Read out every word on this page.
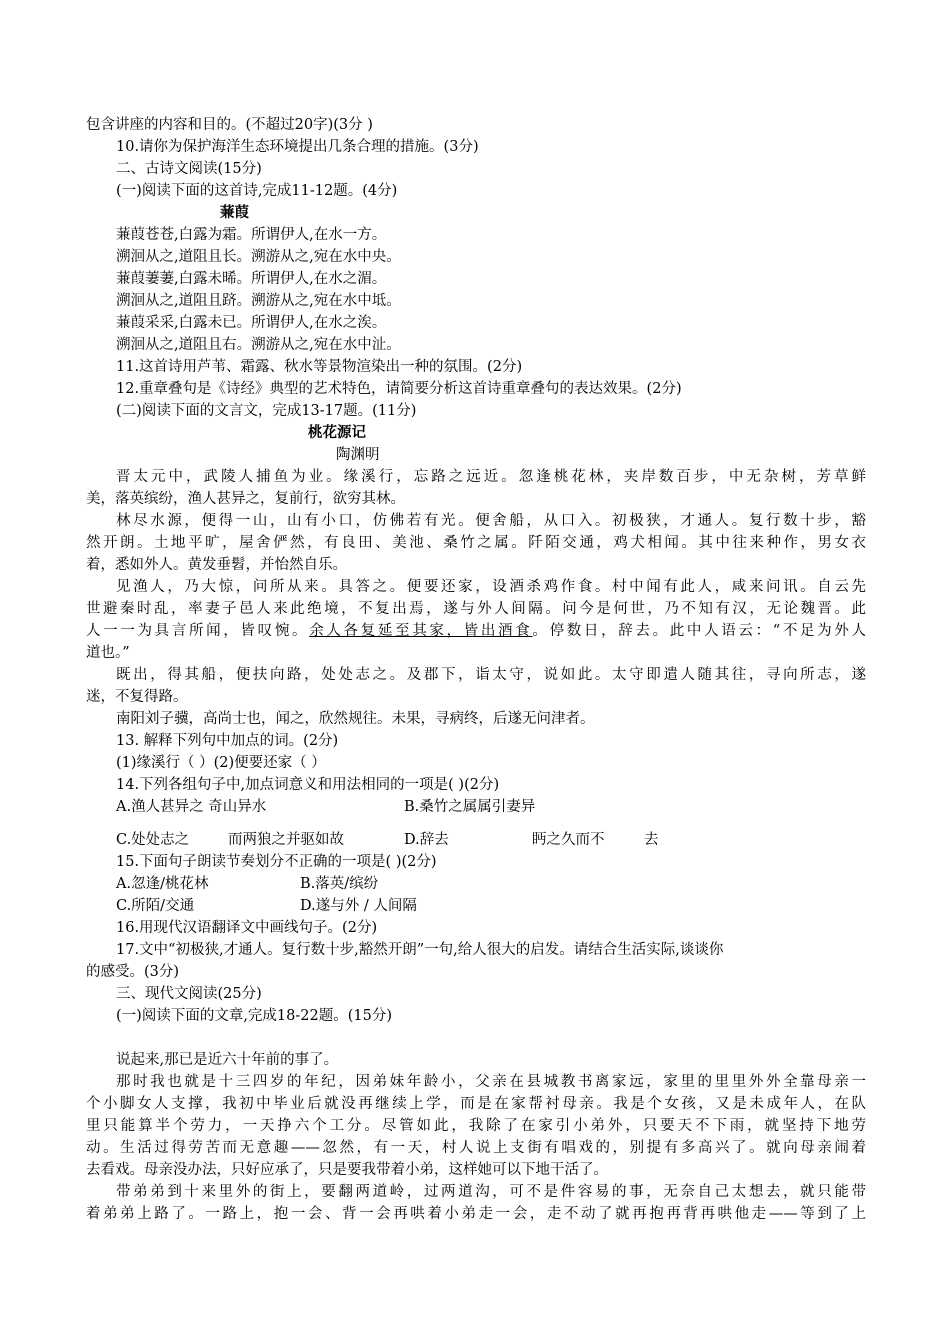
包含讲座的内容和目的。(不超过20字)(3分 )
10.请你为保护海洋生态环境提出几条合理的措施。(3分)
二、古诗文阅读(15分)
(一)阅读下面的这首诗,完成11-12题。(4分)
蒹葭
蒹葭苍苍,白露为霜。所谓伊人,在水一方。
溯洄从之,道阻且长。溯游从之,宛在水中央。
蒹葭萋萋,白露未晞。所谓伊人,在水之湄。
溯洄从之,道阻且跻。溯游从之,宛在水中坻。
蒹葭采采,白露未已。所谓伊人,在水之涘。
溯洄从之,道阻且右。溯游从之,宛在水中沚。
11.这首诗用芦苇、霜露、秋水等景物渲染出一种的氛围。(2分)
12.重章叠句是《诗经》典型的艺术特色，请简要分析这首诗重章叠句的表达效果。(2分)
(二)阅读下面的文言文，完成13-17题。(11分)
桃花源记
陶渊明
晋太元中，武陵人捕鱼为业。缘溪行，忘路之远近。忽逢桃花林，夹岸数百步，中无杂树，芳草鲜
美，落英缤纷，渔人甚异之，复前行，欲穷其林。
林尽水源，便得一山，山有小口，仿佛若有光。便舍船，从口入。初极狭，才通人。复行数十步，豁
然开朗。土地平旷，屋舍俨然，有良田、美池、桑竹之属。阡陌交通，鸡犬相闻。其中往来种作，男女衣
着，悉如外人。黄发垂髫，并怡然自乐。
见渔人，乃大惊，问所从来。具答之。便要还家，设酒杀鸡作食。村中闻有此人，咸来问讯。自云先
世避秦时乱，率妻子邑人来此绝境，不复出焉，遂与外人间隔。问今是何世，乃不知有汉，无论魏晋。此
人一一为具言所闻，皆叹惋。余人各复延至其家，皆出酒食。停数日，辞去。此中人语云：“不足为外人
道也。”
既出，得其船，便扶向路，处处志之。及郡下，诣太守，说如此。太守即遣人随其往，寻向所志，遂
迷，不复得路。
南阳刘子骥，高尚士也，闻之，欣然规往。未果，寻病终，后遂无问津者。
13. 解释下列句中加点的词。(2分)
(1)缘溪行（ ）(2)便要还家（ ）
14.下列各组句子中,加点词意义和用法相同的一项是( )(2分)
A.渔人甚异之 奇山异水	B.桑竹之属属引妻异
C.处处志之	而两狼之并驱如故	D.辞去	眄之久而不	去
15.下面句子朗读节奏划分不正确的一项是( )(2分)
A.忽逢/桃花林	B.落英/缤纷
C.所陌/交通	D.遂与外 / 人间隔
16.用现代汉语翻译文中画线句子。(2分)
17.文中“初极狭,才通人。复行数十步,豁然开朗”一句,给人很大的启发。请结合生活实际,谈谈你
的感受。(3分)
三、现代文阅读(25分)
(一)阅读下面的文章,完成18-22题。(15分)
说起来,那已是近六十年前的事了。
那时我也就是十三四岁的年纪，因弟妹年龄小，父亲在县城教书离家远，家里的里里外外全靠母亲一
个小脚女人支撑，我初中毕业后就没再继续上学，而是在家帮衬母亲。我是个女孩，又是未成年人，在队
里只能算半个劳力，一天挣六个工分。尽管如此，我除了在家引小弟外，只要天不下雨，就坚持下地劳
动。生活过得劳苦而无意趣——忽然，有一天，村人说上支街有唱戏的，别提有多高兴了。就向母亲闹着
去看戏。母亲没办法，只好应承了，只是要我带着小弟，这样她可以下地干活了。
带弟弟到十来里外的街上，要翻两道岭，过两道沟，可不是件容易的事，无奈自己太想去，就只能带
着弟弟上路了。一路上，抱一会、背一会再哄着小弟走一会，走不动了就再抱再背再哄他走——等到了上
